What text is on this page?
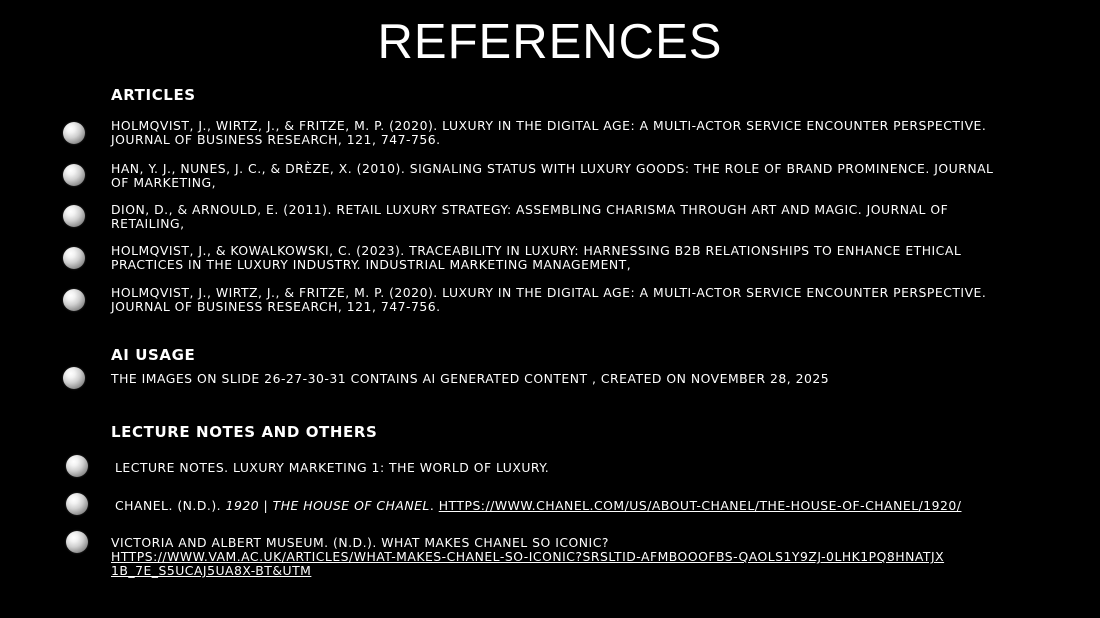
REFERENCES
ARTICLES
HOLMQVIST, J., WIRTZ, J., & FRITZE, M. P. (2020). LUXURY IN THE DIGITAL AGE: A MULTI-ACTOR SERVICE ENCOUNTER PERSPECTIVE. JOURNAL OF BUSINESS RESEARCH, 121, 747-756.
HAN, Y. J., NUNES, J. C., & DRÈZE, X. (2010). SIGNALING STATUS WITH LUXURY GOODS: THE ROLE OF BRAND PROMINENCE. JOURNAL OF MARKETING,
DION, D., & ARNOULD, E. (2011). RETAIL LUXURY STRATEGY: ASSEMBLING CHARISMA THROUGH ART AND MAGIC. JOURNAL OF RETAILING,
HOLMQVIST, J., & KOWALKOWSKI, C. (2023). TRACEABILITY IN LUXURY: HARNESSING B2B RELATIONSHIPS TO ENHANCE ETHICAL PRACTICES IN THE LUXURY INDUSTRY. INDUSTRIAL MARKETING MANAGEMENT,
HOLMQVIST, J., WIRTZ, J., & FRITZE, M. P. (2020). LUXURY IN THE DIGITAL AGE: A MULTI-ACTOR SERVICE ENCOUNTER PERSPECTIVE. JOURNAL OF BUSINESS RESEARCH, 121, 747-756.
AI USAGE
THE IMAGES ON SLIDE 26-27-30-31 CONTAINS AI GENERATED CONTENT , CREATED ON NOVEMBER 28, 2025
LECTURE NOTES AND OTHERS
LECTURE NOTES. LUXURY MARKETING 1: THE WORLD OF LUXURY.
CHANEL. (N.D.). 1920 | THE HOUSE OF CHANEL. HTTPS://WWW.CHANEL.COM/US/ABOUT-CHANEL/THE-HOUSE-OF-CHANEL/1920/
VICTORIA AND ALBERT MUSEUM. (N.D.). WHAT MAKES CHANEL SO ICONIC?
HTTPS://WWW.VAM.AC.UK/ARTICLES/WHAT-MAKES-CHANEL-SO-ICONIC?SRSLTID-AFMBOOOFBS-QAOLS1Y9ZJ-0LHK1PQ8HNATJX1B_7E_S5UCAJ5UA8X-BT&UTM
